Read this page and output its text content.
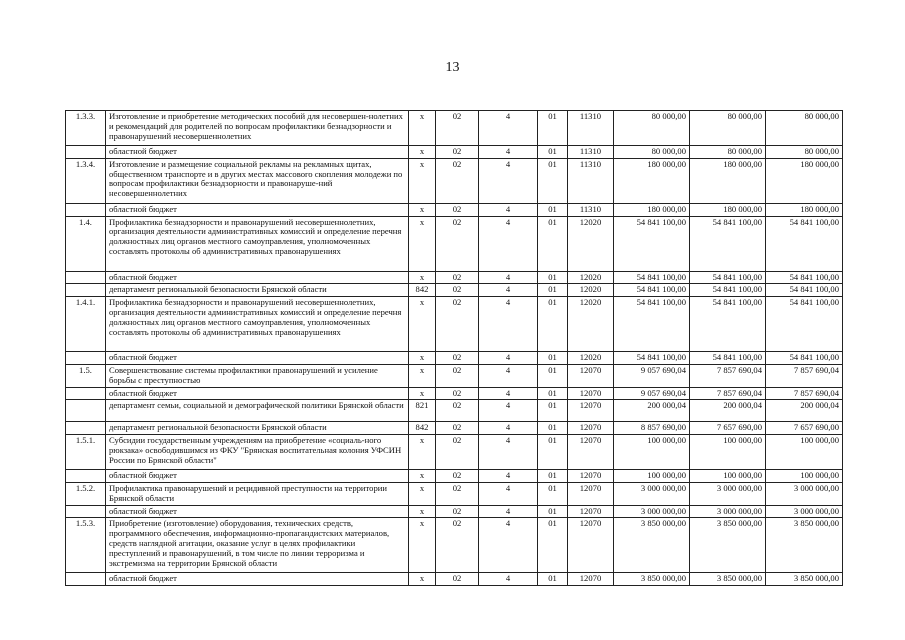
13
1.3.3.	Изготовление и приобретение методических пособий для несовершен-нолетних и рекомендаций для родителей по вопросам профилактики безнадзорности и правонарушений несовершеннолетних	х	02	4	01	11310	80 000,00	80 000,00	80 000,00
	областной бюджет	х	02	4	01	11310	80 000,00	80 000,00	80 000,00
1.3.4.	Изготовление и размещение социальной рекламы на рекламных щитах, общественном транспорте и в других местах массового скопления молодежи по вопросам профилактики безнадзорности и правонаруше-ний несовершеннолетних	х	02	4	01	11310	180 000,00	180 000,00	180 000,00
	областной бюджет	х	02	4	01	11310	180 000,00	180 000,00	180 000,00
1.4.	Профилактика безнадзорности и правонарушений несовершеннолетних, организация деятельности административных комиссий и определение перечня должностных лиц органов местного самоуправления, уполномоченных составлять протоколы об административных правонарушениях	х	02	4	01	12020	54 841 100,00	54 841 100,00	54 841 100,00
	областной бюджет	х	02	4	01	12020	54 841 100,00	54 841 100,00	54 841 100,00
	департамент региональной безопасности Брянской области	842	02	4	01	12020	54 841 100,00	54 841 100,00	54 841 100,00
1.4.1.	Профилактика безнадзорности и правонарушений несовершеннолетних, организация деятельности административных комиссий и определение перечня должностных лиц органов местного самоуправления, уполномоченных составлять протоколы об административных правонарушениях	х	02	4	01	12020	54 841 100,00	54 841 100,00	54 841 100,00
	областной бюджет	х	02	4	01	12020	54 841 100,00	54 841 100,00	54 841 100,00
1.5.	Совершенствование системы профилактики правонарушений и усиление борьбы с преступностью	х	02	4	01	12070	9 057 690,04	7 857 690,04	7 857 690,04
	областной бюджет	х	02	4	01	12070	9 057 690,04	7 857 690,04	7 857 690,04
	департамент семьи, социальной и демографической политики Брянской области	821	02	4	01	12070	200 000,04	200 000,04	200 000,04
	департамент региональной безопасности Брянской области	842	02	4	01	12070	8 857 690,00	7 657 690,00	7 657 690,00
1.5.1.	Субсидии государственным учреждениям на приобретение «социаль-ного рюкзака» освободившимся из ФКУ "Брянская воспитательная колония УФСИН России по Брянской области"	х	02	4	01	12070	100 000,00	100 000,00	100 000,00
	областной бюджет	х	02	4	01	12070	100 000,00	100 000,00	100 000,00
1.5.2.	Профилактика правонарушений и рецидивной преступности на территории Брянской области	х	02	4	01	12070	3 000 000,00	3 000 000,00	3 000 000,00
	областной бюджет	х	02	4	01	12070	3 000 000,00	3 000 000,00	3 000 000,00
1.5.3.	Приобретение (изготовление) оборудования, технических средств, программного обеспечения, информационно-пропагандистских материалов, средств наглядной агитации, оказание услуг в целях профилактики преступлений и правонарушений, в том числе по линии терроризма и экстремизма на территории Брянской области	х	02	4	01	12070	3 850 000,00	3 850 000,00	3 850 000,00
	областной бюджет	х	02	4	01	12070	3 850 000,00	3 850 000,00	3 850 000,00
